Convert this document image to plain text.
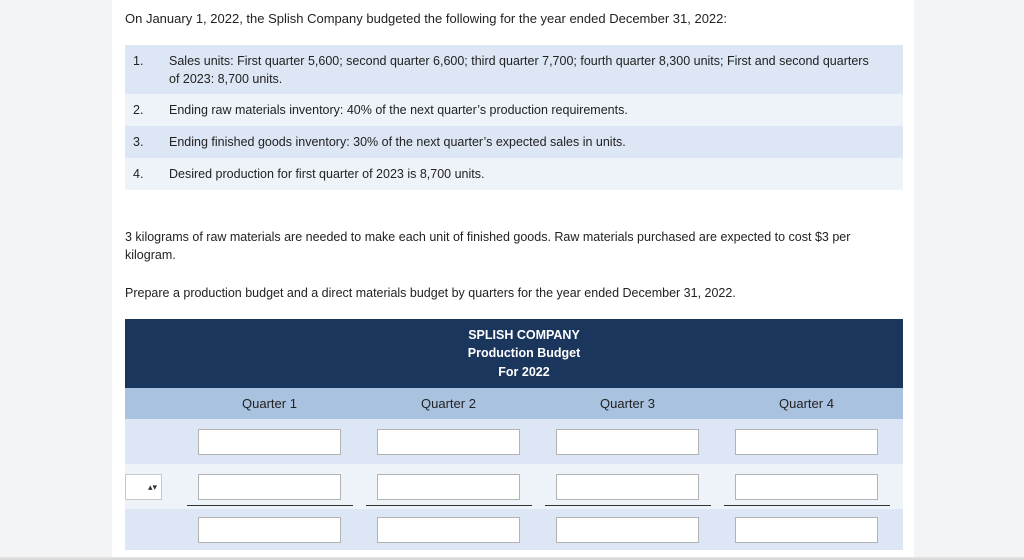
On January 1, 2022, the Splish Company budgeted the following for the year ended December 31, 2022:
1.	Sales units: First quarter 5,600; second quarter 6,600; third quarter 7,700; fourth quarter 8,300 units; First and second quarters of 2023: 8,700 units.
2.	Ending raw materials inventory: 40% of the next quarter’s production requirements.
3.	Ending finished goods inventory: 30% of the next quarter’s expected sales in units.
4.	Desired production for first quarter of 2023 is 8,700 units.
3 kilograms of raw materials are needed to make each unit of finished goods. Raw materials purchased are expected to cost $3 per kilogram.
Prepare a production budget and a direct materials budget by quarters for the year ended December 31, 2022.
SPLISH COMPANY
Production Budget
For 2022
Quarter 1	Quarter 2	Quarter 3	Quarter 4
▴▾
